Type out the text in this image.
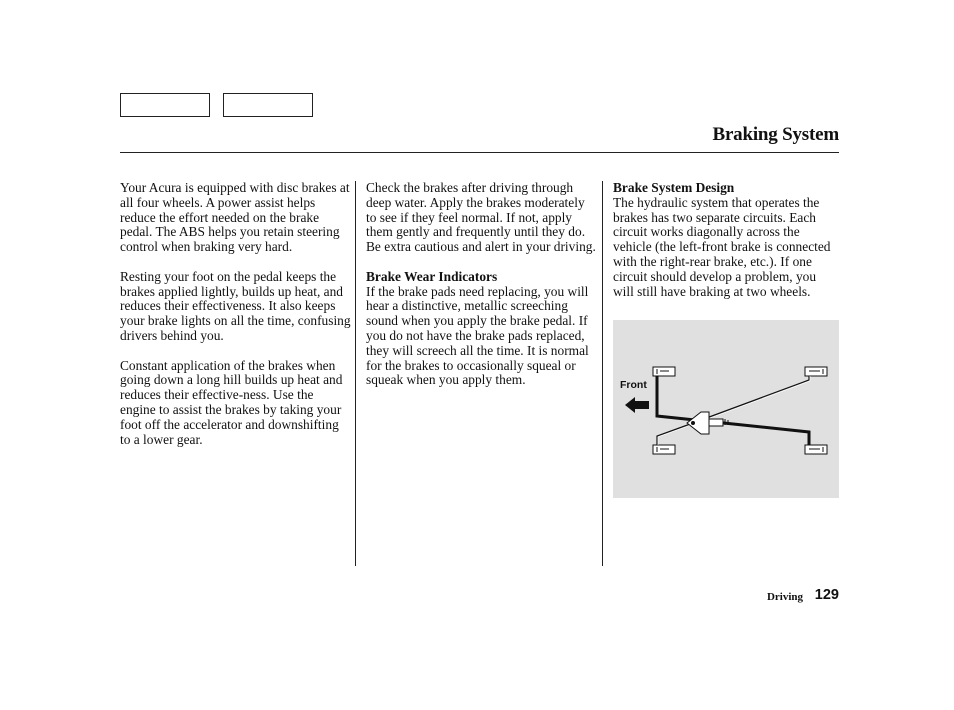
Braking System

Your Acura is equipped with disc brakes at all four wheels. A power assist helps reduce the effort needed on the brake pedal. The ABS helps you retain steering control when braking very hard.

Resting your foot on the pedal keeps the brakes applied lightly, builds up heat, and reduces their effectiveness. It also keeps your brake lights on all the time, confusing drivers behind you.

Constant application of the brakes when going down a long hill builds up heat and reduces their effective-ness. Use the engine to assist the brakes by taking your foot off the accelerator and downshifting to a lower gear.

Check the brakes after driving through deep water. Apply the brakes moderately to see if they feel normal. If not, apply them gently and frequently until they do. Be extra cautious and alert in your driving.

Brake Wear Indicators

If the brake pads need replacing, you will hear a distinctive, metallic screeching sound when you apply the brake pedal. If you do not have the brake pads replaced, they will screech all the time. It is normal for the brakes to occasionally squeal or squeak when you apply them.

Brake System Design

The hydraulic system that operates the brakes has two separate circuits. Each circuit works diagonally across the vehicle (the left-front brake is connected with the right-rear brake, etc.). If one circuit should develop a problem, you will still have braking at two wheels.

Front
Driving 129
